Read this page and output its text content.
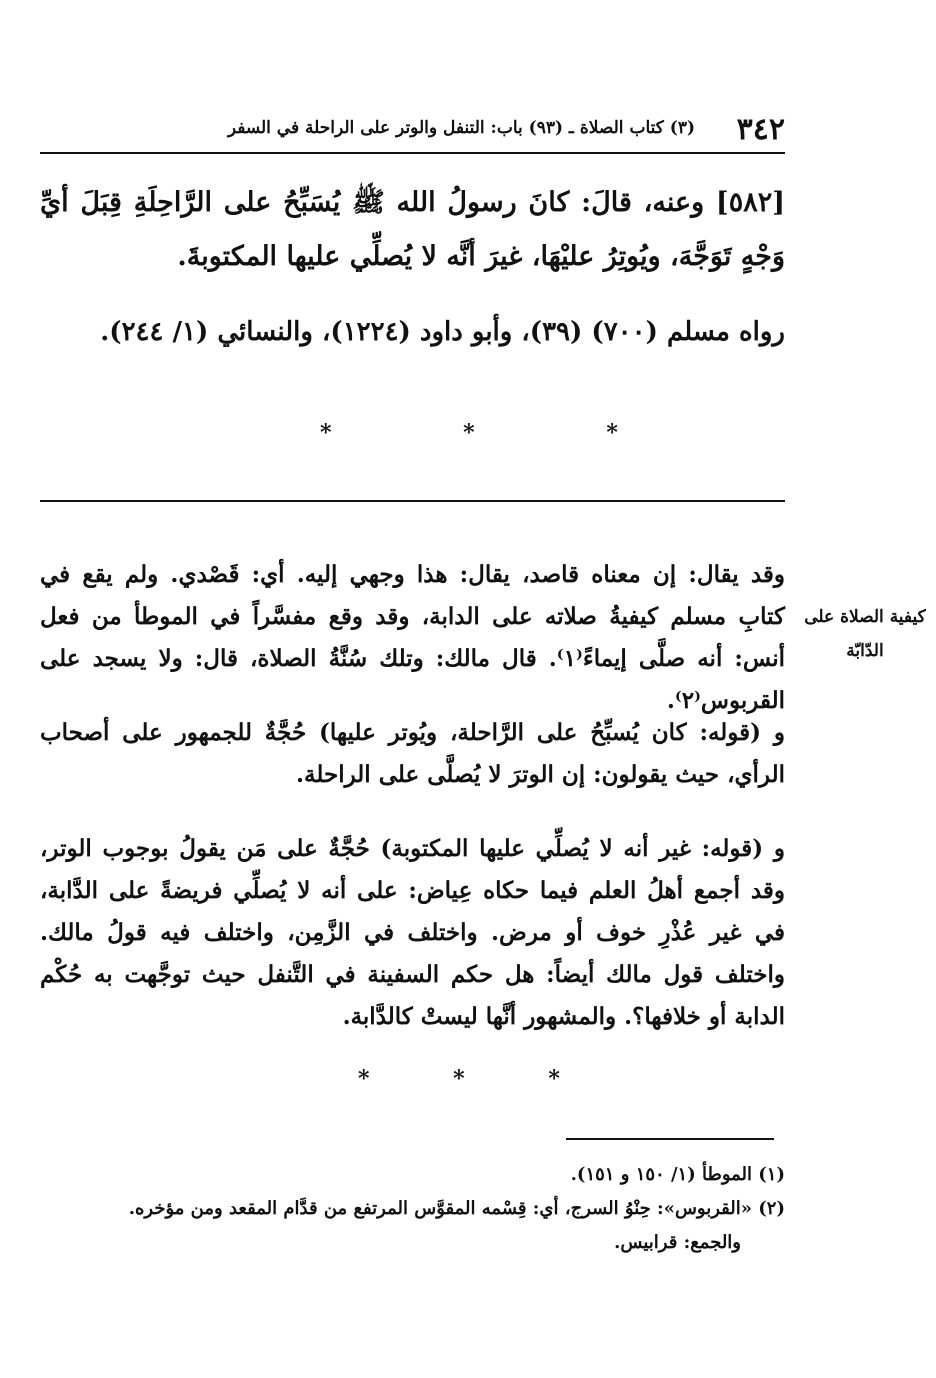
٣٤٢
(٣) كتاب الصلاة ـ (٩٣) باب: التنفل والوتر على الراحلة في السفر

[٥٨٢] وعنه، قالَ: كانَ رسولُ الله ﷺ يُسَبِّحُ على الرَّاحِلَةِ قِبَلَ أيِّ وَجْهٍ تَوَجَّهَ، ويُوتِرُ عليْهَا، غيرَ أنَّه لا يُصلِّي عليها المكتوبةَ.

رواه مسلم (٧٠٠) (٣٩)، وأبو داود (١٢٢٤)، والنسائي (١/ ٢٤٤).

* * *
كيفية الصلاة على الدّابّة

وقد يقال: إن معناه قاصد، يقال: هذا وجهي إليه. أي: قَصْدي. ولم يقع في كتابِ مسلم كيفيةُ صلاته على الدابة، وقد وقع مفسَّراً في الموطأ من فعل أنس: أنه صلَّى إيماءً⁽١⁾. قال مالك: وتلك سُنَّةُ الصلاة، قال: ولا يسجد على القربوس⁽٢⁾.

و (قوله: كان يُسبِّحُ على الرَّاحلة، ويُوتر عليها) حُجَّةٌ للجمهور على أصحاب الرأي، حيث يقولون: إن الوترَ لا يُصلَّى على الراحلة.

و (قوله: غير أنه لا يُصلِّي عليها المكتوبة) حُجَّةٌ على مَن يقولُ بوجوب الوتر، وقد أجمع أهلُ العلم فيما حكاه عِياض: على أنه لا يُصلِّي فريضةً على الدَّابة، في غير عُذْرِ خوف أو مرض. واختلف في الزَّمِن، واختلف فيه قولُ مالك. واختلف قول مالك أيضاً: هل حكم السفينة في التَّنفل حيث توجَّهت به حُكْم الدابة أو خلافها؟. والمشهور أنَّها ليستْ كالدَّابة.

* * *

(١) الموطأ (١/ ١٥٠ و ١٥١).

(٢) «القربوس»: حِنْوُ السرج، أي: قِسْمه المقوَّس المرتفع من قدَّام المقعد ومن مؤخره.

والجمع: قرابيس.
